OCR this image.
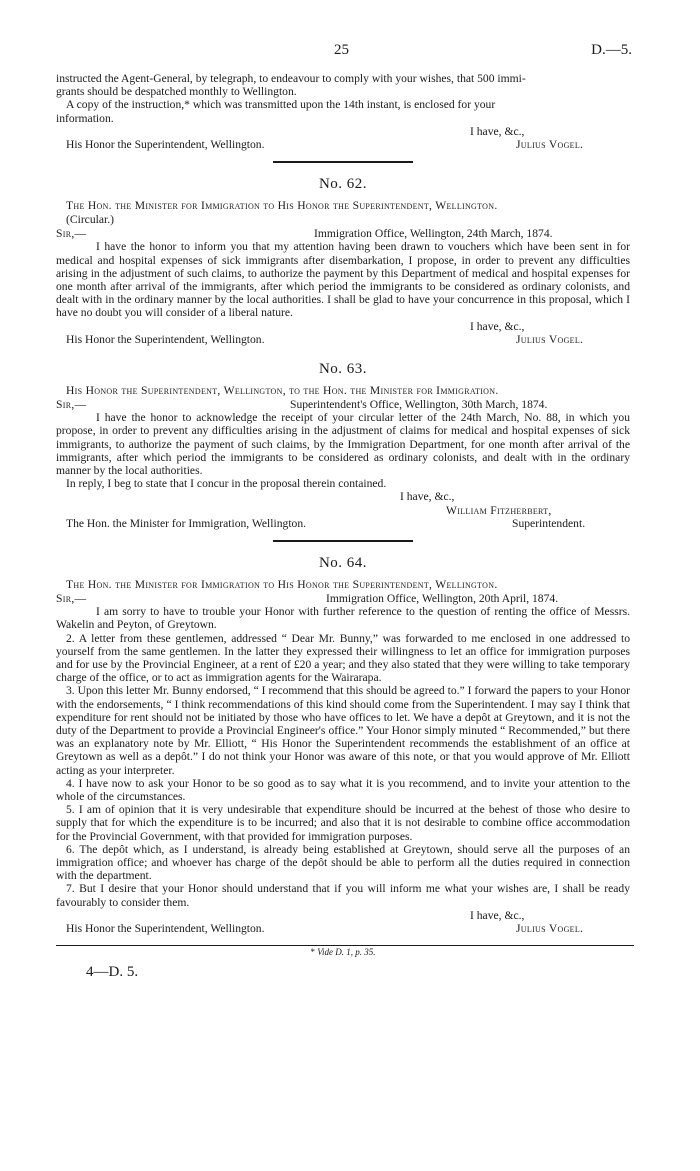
25	D.—5.
instructed the Agent-General, by telegraph, to endeavour to comply with your wishes, that 500 immi-
grants should be despatched monthly to Wellington.
A copy of the instruction,* which was transmitted upon the 14th instant, is enclosed for your
information.
I have, &c.,
His Honor the Superintendent, Wellington.	Julius Vogel.
No. 62.
The Hon. the Minister for Immigration to His Honor the Superintendent, Wellington.
(Circular.)
Sir,—	Immigration Office, Wellington, 24th March, 1874.

I have the honor to inform you that my attention having been drawn to vouchers which have been sent in for medical and hospital expenses of sick immigrants after disembarkation, I propose, in order to prevent any difficulties arising in the adjustment of such claims, to authorize the payment by this Department of medical and hospital expenses for one month after arrival of the immigrants, after which period the immigrants to be considered as ordinary colonists, and dealt with in the ordinary manner by the local authorities. I shall be glad to have your concurrence in this proposal, which I have no doubt you will consider of a liberal nature.

I have, &c.,
His Honor the Superintendent, Wellington.	Julius Vogel.
No. 63.
His Honor the Superintendent, Wellington, to the Hon. the Minister for Immigration.
Sir,—	Superintendent's Office, Wellington, 30th March, 1874.

I have the honor to acknowledge the receipt of your circular letter of the 24th March, No. 88, in which you propose, in order to prevent any difficulties arising in the adjustment of claims for medical and hospital expenses of sick immigrants, to authorize the payment of such claims, by the Immigration Department, for one month after arrival of the immigrants, after which period the immigrants to be considered as ordinary colonists, and dealt with in the ordinary manner by the local authorities.

In reply, I beg to state that I concur in the proposal therein contained.

I have, &c.,
William Fitzherbert,
The Hon. the Minister for Immigration, Wellington.	Superintendent.
No. 64.
The Hon. the Minister for Immigration to His Honor the Superintendent, Wellington.
Sir,—	Immigration Office, Wellington, 20th April, 1874.

I am sorry to have to trouble your Honor with further reference to the question of renting the office of Messrs. Wakelin and Peyton, of Greytown.

2. A letter from these gentlemen, addressed “ Dear Mr. Bunny,” was forwarded to me enclosed in one addressed to yourself from the same gentlemen. In the latter they expressed their willingness to let an office for immigration purposes and for use by the Provincial Engineer, at a rent of £20 a year; and they also stated that they were willing to take temporary charge of the office, or to act as immigration agents for the Wairarapa.

3. Upon this letter Mr. Bunny endorsed, “ I recommend that this should be agreed to.” I forward the papers to your Honor with the endorsements, “ I think recommendations of this kind should come from the Superintendent. I may say I think that expenditure for rent should not be initiated by those who have offices to let. We have a depôt at Greytown, and it is not the duty of the Department to provide a Provincial Engineer's office.” Your Honor simply minuted “ Recommended,” but there was an explanatory note by Mr. Elliott, “ His Honor the Superintendent recommends the establishment of an office at Greytown as well as a depôt.” I do not think your Honor was aware of this note, or that you would approve of Mr. Elliott acting as your interpreter.

4. I have now to ask your Honor to be so good as to say what it is you recommend, and to invite your attention to the whole of the circumstances.

5. I am of opinion that it is very undesirable that expenditure should be incurred at the behest of those who desire to supply that for which the expenditure is to be incurred; and also that it is not desirable to combine office accommodation for the Provincial Government, with that provided for immigration purposes.

6. The depôt which, as I understand, is already being established at Greytown, should serve all the purposes of an immigration office; and whoever has charge of the depôt should be able to perform all the duties required in connection with the department.

7. But I desire that your Honor should understand that if you will inform me what your wishes are, I shall be ready favourably to consider them.

I have, &c.,
His Honor the Superintendent, Wellington.	Julius Vogel.
* Vide D. 1, p. 35.
4—D. 5.
